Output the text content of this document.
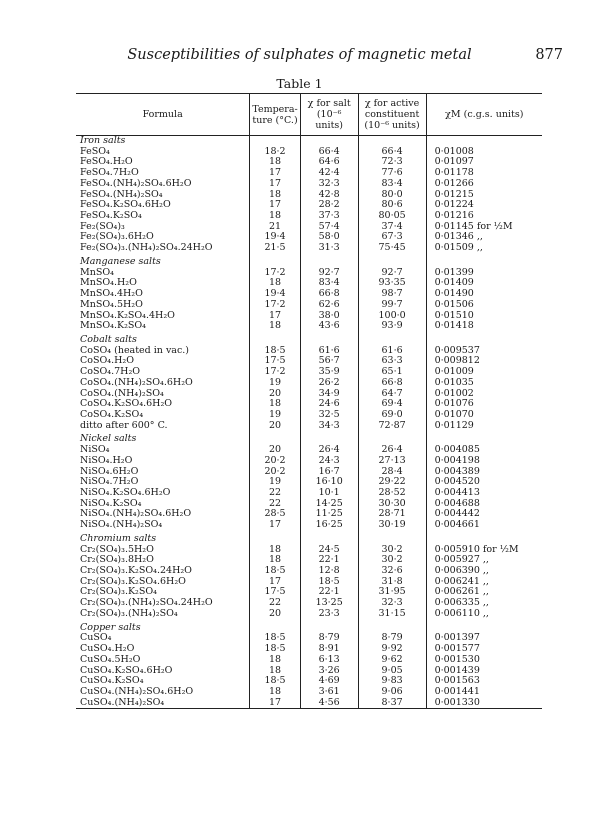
Susceptibilities of sulphates of magnetic metal	877
Table 1
Formula	Tempera-ture (°C.)	χ for salt (10⁻⁶ units)	χ for active constituent (10⁻⁶ units)	χM (c.g.s. units)
Iron salts				
FeSO₄	18·2	66·4	66·4	0·01008
FeSO₄.H₂O	18	64·6	72·3	0·01097
FeSO₄.7H₂O	17	42·4	77·6	0·01178
FeSO₄.(NH₄)₂SO₄.6H₂O	17	32·3	83·4	0·01266
FeSO₄.(NH₄)₂SO₄	18	42·8	80·0	0·01215
FeSO₄.K₂SO₄.6H₂O	17	28·2	80·6	0·01224
FeSO₄.K₂SO₄	18	37·3	80·05	0·01216
Fe₂(SO₄)₃	21	57·4	37·4	0·01145 for ½M
Fe₂(SO₄)₃.6H₂O	19·4	58·0	67·3	0·01346 ,,
Fe₂(SO₄)₃.(NH₄)₂SO₄.24H₂O	21·5	31·3	75·45	0·01509 ,,
Manganese salts				
MnSO₄	17·2	92·7	92·7	0·01399
MnSO₄.H₂O	18	83·4	93·35	0·01409
MnSO₄.4H₂O	19·4	66·8	98·7	0·01490
MnSO₄.5H₂O	17·2	62·6	99·7	0·01506
MnSO₄.K₂SO₄.4H₂O	17	38·0	100·0	0·01510
MnSO₄.K₂SO₄	18	43·6	93·9	0·01418
Cobalt salts				
CoSO₄ (heated in vac.)	18·5	61·6	61·6	0·009537
CoSO₄.H₂O	17·5	56·7	63·3	0·009812
CoSO₄.7H₂O	17·2	35·9	65·1	0·01009
CoSO₄.(NH₄)₂SO₄.6H₂O	19	26·2	66·8	0·01035
CoSO₄.(NH₄)₂SO₄	20	34·9	64·7	0·01002
CoSO₄.K₂SO₄.6H₂O	18	24·6	69·4	0·01076
CoSO₄.K₂SO₄	19	32·5	69·0	0·01070
ditto after 600° C.	20	34·3	72·87	0·01129
Nickel salts				
NiSO₄	20	26·4	26·4	0·004085
NiSO₄.H₂O	20·2	24·3	27·13	0·004198
NiSO₄.6H₂O	20·2	16·7	28·4	0·004389
NiSO₄.7H₂O	19	16·10	29·22	0·004520
NiSO₄.K₂SO₄.6H₂O	22	10·1	28·52	0·004413
NiSO₄.K₂SO₄	22	14·25	30·30	0·004688
NiSO₄.(NH₄)₂SO₄.6H₂O	28·5	11·25	28·71	0·004442
NiSO₄.(NH₄)₂SO₄	17	16·25	30·19	0·004661
Chromium salts				
Cr₂(SO₄)₃.5H₂O	18	24·5	30·2	0·005910 for ½M
Cr₂(SO₄)₃.8H₂O	18	22·1	30·2	0·005927 ,,
Cr₂(SO₄)₃.K₂SO₄.24H₂O	18·5	12·8	32·6	0·006390 ,,
Cr₂(SO₄)₃.K₂SO₄.6H₂O	17	18·5	31·8	0·006241 ,,
Cr₂(SO₄)₃.K₂SO₄	17·5	22·1	31·95	0·006261 ,,
Cr₂(SO₄)₃.(NH₄)₂SO₄.24H₂O	22	13·25	32·3	0·006335 ,,
Cr₂(SO₄)₃.(NH₄)₂SO₄	20	23·3	31·15	0·006110 ,,
Copper salts				
CuSO₄	18·5	8·79	8·79	0·001397
CuSO₄.H₂O	18·5	8·91	9·92	0·001577
CuSO₄.5H₂O	18	6·13	9·62	0·001530
CuSO₄.K₂SO₄.6H₂O	18	3·26	9·05	0·001439
CuSO₄.K₂SO₄	18·5	4·69	9·83	0·001563
CuSO₄.(NH₄)₂SO₄.6H₂O	18	3·61	9·06	0·001441
CuSO₄.(NH₄)₂SO₄	17	4·56	8·37	0·001330
